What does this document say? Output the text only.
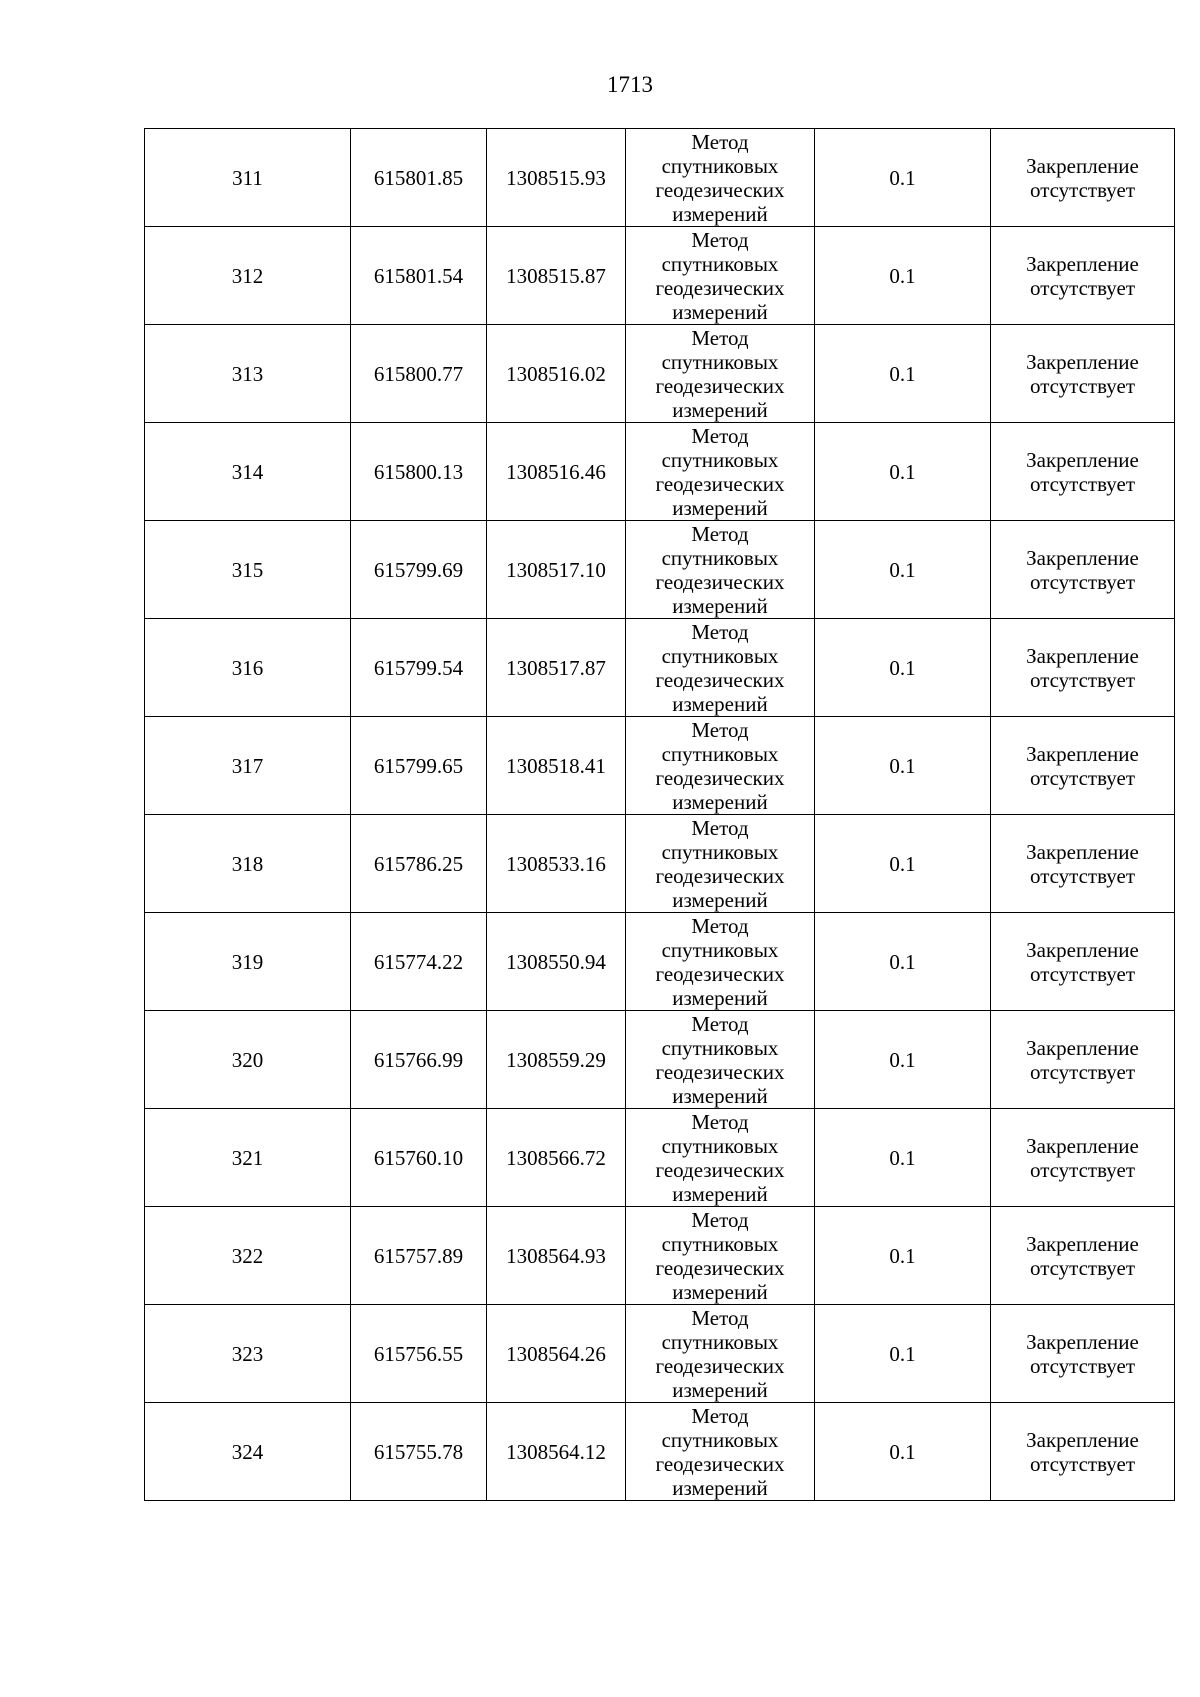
1713
311	615801.85	1308515.93	Метод
спутниковых
геодезических
измерений	0.1	Закрепление
отсутствует

312	615801.54	1308515.87	Метод
спутниковых
геодезических
измерений	0.1	Закрепление
отсутствует

313	615800.77	1308516.02	Метод
спутниковых
геодезических
измерений	0.1	Закрепление
отсутствует

314	615800.13	1308516.46	Метод
спутниковых
геодезических
измерений	0.1	Закрепление
отсутствует

315	615799.69	1308517.10	Метод
спутниковых
геодезических
измерений	0.1	Закрепление
отсутствует

316	615799.54	1308517.87	Метод
спутниковых
геодезических
измерений	0.1	Закрепление
отсутствует

317	615799.65	1308518.41	Метод
спутниковых
геодезических
измерений	0.1	Закрепление
отсутствует

318	615786.25	1308533.16	Метод
спутниковых
геодезических
измерений	0.1	Закрепление
отсутствует

319	615774.22	1308550.94	Метод
спутниковых
геодезических
измерений	0.1	Закрепление
отсутствует

320	615766.99	1308559.29	Метод
спутниковых
геодезических
измерений	0.1	Закрепление
отсутствует

321	615760.10	1308566.72	Метод
спутниковых
геодезических
измерений	0.1	Закрепление
отсутствует

322	615757.89	1308564.93	Метод
спутниковых
геодезических
измерений	0.1	Закрепление
отсутствует

323	615756.55	1308564.26	Метод
спутниковых
геодезических
измерений	0.1	Закрепление
отсутствует

324	615755.78	1308564.12	Метод
спутниковых
геодезических
измерений	0.1	Закрепление
отсутствует
